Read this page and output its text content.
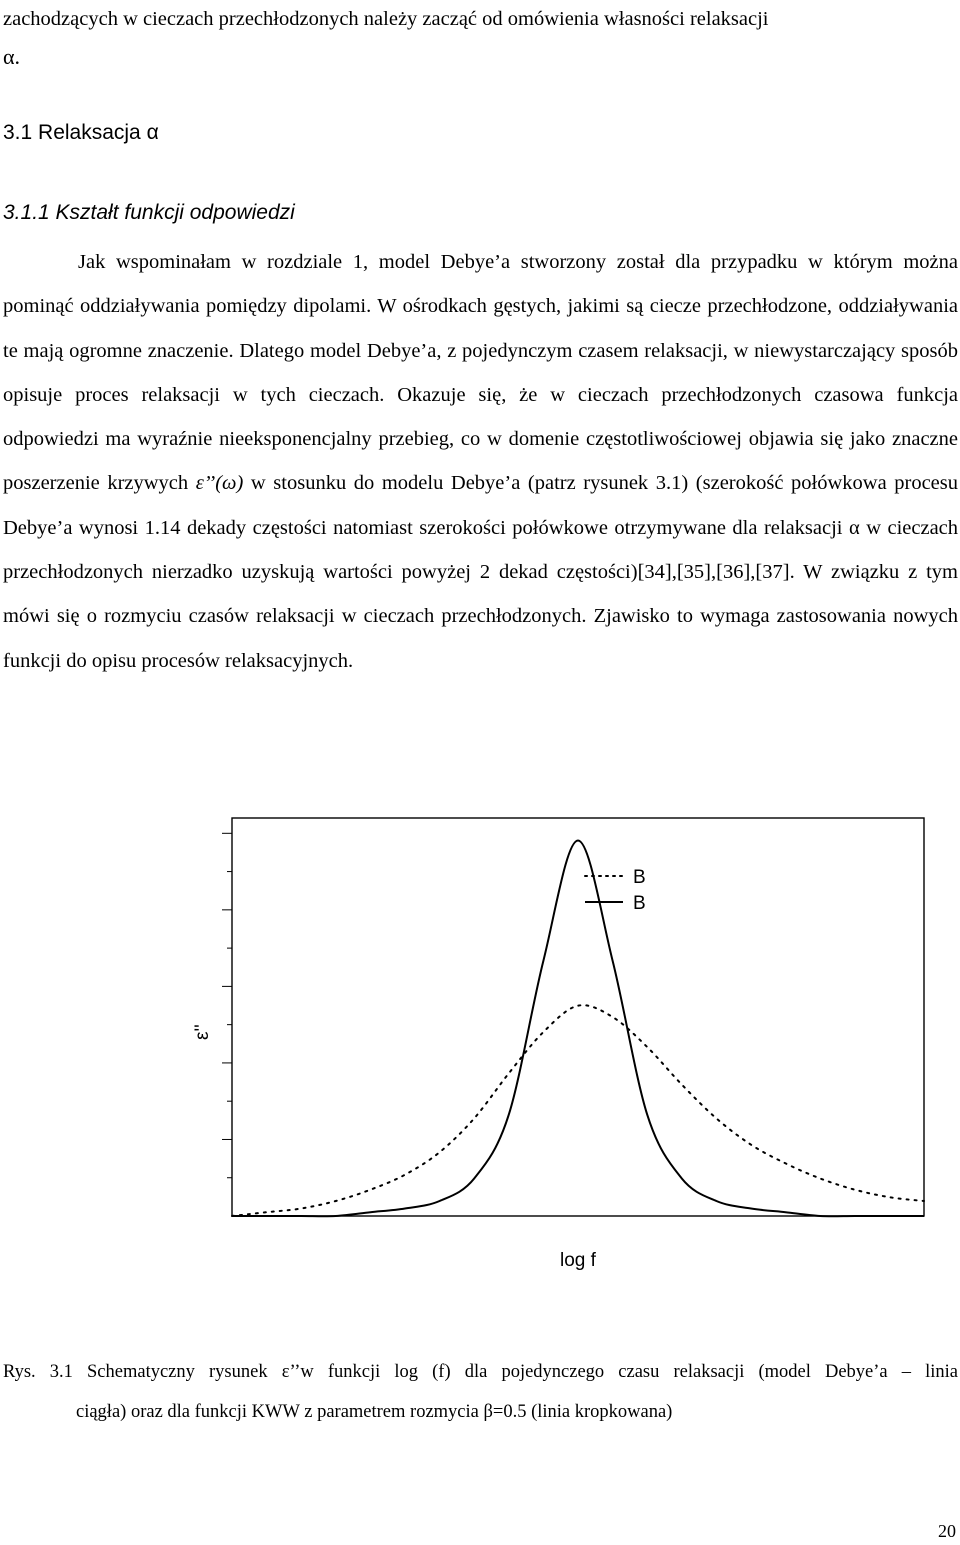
zachodzących w cieczach przechłodzonych należy zacząć od omówienia własności relaksacji
α.
3.1 Relaksacja α
3.1.1 Kształt funkcji odpowiedzi
Jak wspominałam w rozdziale 1, model Debye’a stworzony został dla przypadku w którym można pominąć oddziaływania pomiędzy dipolami. W ośrodkach gęstych, jakimi są ciecze przechłodzone, oddziaływania te mają ogromne znaczenie. Dlatego model Debye’a, z pojedynczym czasem relaksacji, w niewystarczający sposób opisuje proces relaksacji w tych cieczach. Okazuje się, że w cieczach przechłodzonych czasowa funkcja odpowiedzi ma wyraźnie nieeksponencjalny przebieg, co w domenie częstotliwościowej objawia się jako znaczne poszerzenie krzywych ε’’(ω) w stosunku do modelu Debye’a (patrz rysunek 3.1) (szerokość połówkowa procesu Debye’a wynosi 1.14 dekady częstości natomiast szerokości połówkowe otrzymywane dla relaksacji α w cieczach przechłodzonych nierzadko uzyskują wartości powyżej 2 dekad częstości)[34],[35],[36],[37]. W związku z tym mówi się o rozmyciu czasów relaksacji w cieczach przechłodzonych. Zjawisko to wymaga zastosowania nowych funkcji do opisu procesów relaksacyjnych.
B
B
log f
ε''
Rys. 3.1 Schematyczny rysunek ε’’w funkcji log (f) dla pojedynczego czasu relaksacji (model Debye’a – linia
ciągła) oraz dla funkcji KWW z parametrem rozmycia β=0.5 (linia kropkowana)
20
